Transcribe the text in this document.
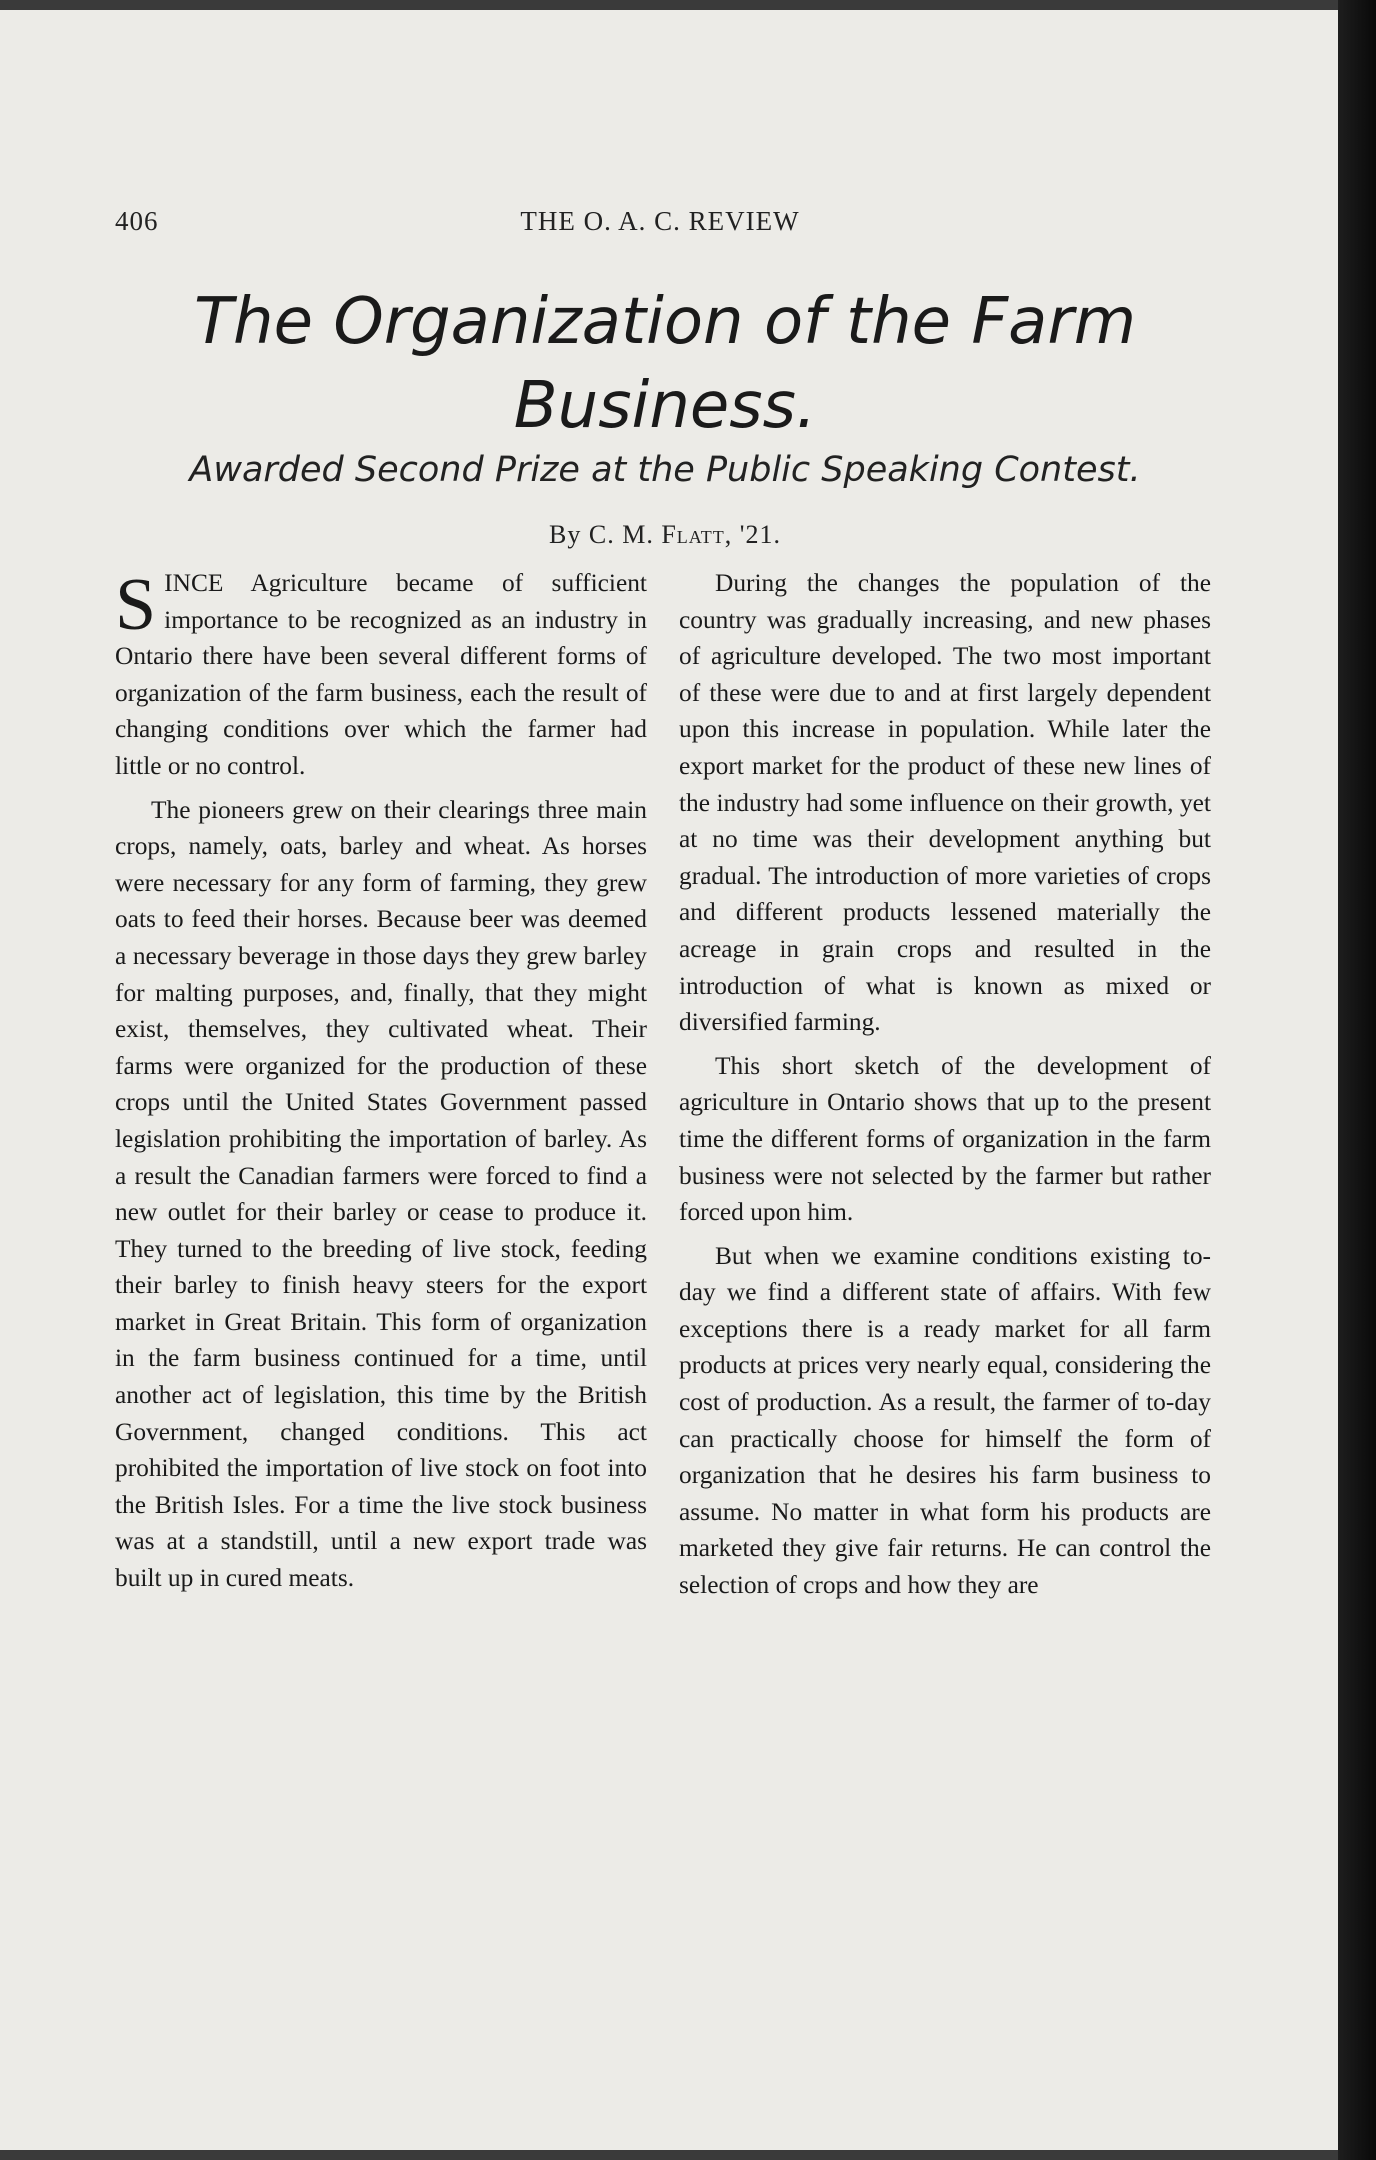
406	THE O. A. C. REVIEW
The Organization of the Farm Business.
Awarded Second Prize at the Public Speaking Contest.
By C. M. Flatt, '21.

S INCE Agriculture became of sufficient importance to be recognized as an industry in Ontario there have been several different forms of organization of the farm business, each the result of changing conditions over which the farmer had little or no control.

The pioneers grew on their clearings three main crops, namely, oats, barley and wheat. As horses were necessary for any form of farming, they grew oats to feed their horses. Because beer was deemed a necessary beverage in those days they grew barley for malting purposes, and, finally, that they might exist, themselves, they cultivated wheat. Their farms were organized for the production of these crops until the United States Government passed legislation prohibiting the importation of barley. As a result the Canadian farmers were forced to find a new outlet for their barley or cease to produce it. They turned to the breeding of live stock, feeding their barley to finish heavy steers for the export market in Great Britain. This form of organization in the farm business continued for a time, until another act of legislation, this time by the British Government, changed conditions. This act prohibited the importation of live stock on foot into the British Isles. For a time the live stock business was at a standstill, until a new export trade was built up in cured meats.

During the changes the population of the country was gradually increasing, and new phases of agriculture developed. The two most important of these were due to and at first largely dependent upon this increase in population. While later the export market for the product of these new lines of the industry had some influence on their growth, yet at no time was their development anything but gradual. The introduction of more varieties of crops and different products lessened materially the acreage in grain crops and resulted in the introduction of what is known as mixed or diversified farming.

This short sketch of the development of agriculture in Ontario shows that up to the present time the different forms of organization in the farm business were not selected by the farmer but rather forced upon him.

But when we examine conditions existing to-day we find a different state of affairs. With few exceptions there is a ready market for all farm products at prices very nearly equal, considering the cost of production. As a result, the farmer of to-day can practically choose for himself the form of organization that he desires his farm business to assume. No matter in what form his products are marketed they give fair returns. He can control the selection of crops and how they are
